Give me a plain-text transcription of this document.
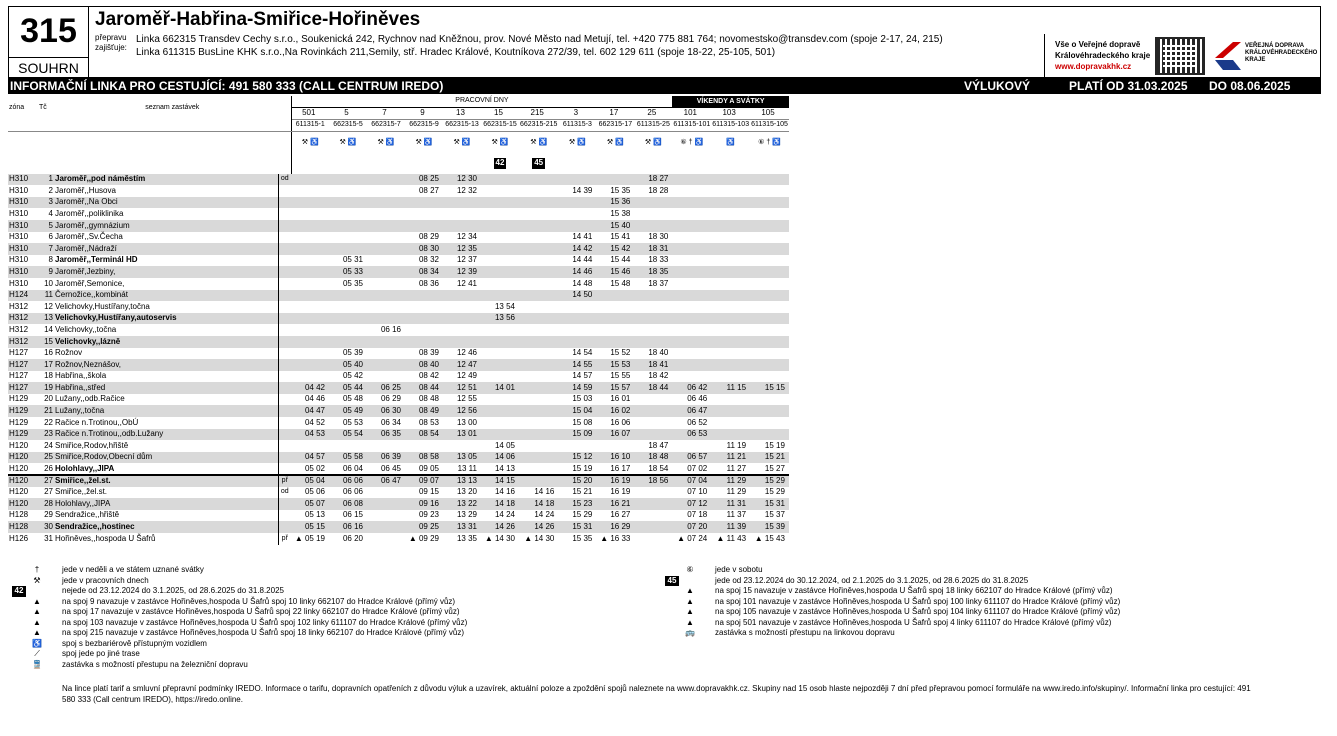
315
SOUHRN
Jaroměř-Habřina-Smiřice-Hořiněves
přepravu zajišťuje:
Linka 662315 Transdev Cechy s.r.o., Soukenická 242, Rychnov nad Kněžnou, prov. Nové Město nad Metují, tel. +420 775 881 764; novomestsko@transdev.com (spoje 2-17, 24, 215)
Linka 611315 BusLine KHK s.r.o.,Na Rovinkách 211,Semily, stř. Hradec Králové, Koutníkova 272/39, tel. 602 129 611 (spoje 18-22, 25-105, 501)
Vše o Veřejné dopravě
Královéhradeckého kraje
www.dopravakhk.cz
VEŘEJNÁ DOPRAVA
KRÁLOVÉHRADECKÉHO
KRAJE
INFORMAČNÍ LINKA PRO CESTUJÍCÍ: 491 580 333 (CALL CENTRUM IREDO)	VÝLUKOVÝ	PLATÍ OD 31.03.2025 DO 08.06.2025
zóna	Tč	seznam zastávek		PRACOVNÍ DNY										VÍKENDY A SVÁTKY		
				501	5	7	9	13	15	215	3	17	25	101	103	105
				611315-1	662315-5	662315-7	662315-9	662315-13	662315-15	662315-215	611315-3	662315-17	611315-25	611315-101	611315-103	611315-105
				⚒ ♿	⚒ ♿	⚒ ♿	⚒ ♿	⚒ ♿	⚒ ♿	⚒ ♿	⚒ ♿	⚒ ♿	⚒ ♿	⑥ † ♿	♿	⑥ † ♿
									42	45						
H310	1	Jaroměř,,pod náměstím	od				08 25	12 30					18 27			
H310	2	Jaroměř,,Husova					08 27	12 32			14 39	15 35	18 28			
H310	3	Jaroměř,,Na Obci										15 36				
H310	4	Jaroměř,,poliklinika										15 38				
H310	5	Jaroměř,,gymnázium										15 40				
H310	6	Jaroměř,,Sv.Čecha					08 29	12 34			14 41	15 41	18 30			
H310	7	Jaroměř,,Nádraží					08 30	12 35			14 42	15 42	18 31			
H310	8	Jaroměř,,Terminál HD			05 31		08 32	12 37			14 44	15 44	18 33			
H310	9	Jaroměř,Jezbiny,			05 33		08 34	12 39			14 46	15 46	18 35			
H310	10	Jaroměř,Semonice,			05 35		08 36	12 41			14 48	15 48	18 37			
H124	11	Černožice,,kombinát									14 50					
H312	12	Velichovky,Hustířany,točna							13 54							
H312	13	Velichovky,Hustířany,autoservis							13 56							
H312	14	Velichovky,,točna				06 16										
H312	15	Velichovky,,lázně														
H127	16	Rožnov			05 39		08 39	12 46			14 54	15 52	18 40			
H127	17	Rožnov,Neznášov,			05 40		08 40	12 47			14 55	15 53	18 41			
H127	18	Habřina,,škola			05 42		08 42	12 49			14 57	15 55	18 42			
H127	19	Habřina,,střed		04 42	05 44	06 25	08 44	12 51	14 01		14 59	15 57	18 44	06 42	11 15	15 15
H129	20	Lužany,,odb.Račice		04 46	05 48	06 29	08 48	12 55			15 03	16 01		06 46		
H129	21	Lužany,,točna		04 47	05 49	06 30	08 49	12 56			15 04	16 02		06 47		
H129	22	Račice n.Trotinou,,ObÚ		04 52	05 53	06 34	08 53	13 00			15 08	16 06		06 52		
H129	23	Račice n.Trotinou,,odb.Lužany		04 53	05 54	06 35	08 54	13 01			15 09	16 07		06 53		
H120	24	Smiřice,Rodov,hřiště							14 05				18 47		11 19	15 19
H120	25	Smiřice,Rodov,Obecní dům		04 57	05 58	06 39	08 58	13 05	14 06		15 12	16 10	18 48	06 57	11 21	15 21
H120	26	Holohlavy,,JIPA		05 02	06 04	06 45	09 05	13 11	14 13		15 19	16 17	18 54	07 02	11 27	15 27
H120	27	Smiřice,,žel.st.	př	05 04	06 06	06 47	09 07	13 13	14 15		15 20	16 19	18 56	07 04	11 29	15 29
H120	27	Smiřice,,žel.st.	od	05 06	06 06		09 15	13 20	14 16	14 16	15 21	16 19		07 10	11 29	15 29
H120	28	Holohlavy,,JIPA		05 07	06 08		09 16	13 22	14 18	14 18	15 23	16 21		07 12	11 31	15 31
H128	29	Sendražice,,hřiště		05 13	06 15		09 23	13 29	14 24	14 24	15 29	16 27		07 18	11 37	15 37
H128	30	Sendražice,,hostinec		05 15	06 16		09 25	13 31	14 26	14 26	15 31	16 29		07 20	11 39	15 39
H126	31	Hořiněves,,hospoda U Šafrů	př	▲ 05 19	06 20		▲ 09 29	13 35	▲ 14 30	▲ 14 30	15 35	▲ 16 33		▲ 07 24	▲ 11 43	▲ 15 43
†	jede v neděli a ve státem uznané svátky
⚒	jede v pracovních dnech
42	nejede od 23.12.2024 do 3.1.2025, od 28.6.2025 do 31.8.2025
▲	na spoj 9 navazuje v zastávce Hořiněves,hospoda U Šafrů spoj 10 linky 662107 do Hradce Králové (přímý vůz)
▲	na spoj 17 navazuje v zastávce Hořiněves,hospoda U Šafrů spoj 22 linky 662107 do Hradce Králové (přímý vůz)
▲	na spoj 103 navazuje v zastávce Hořiněves,hospoda U Šafrů spoj 102 linky 611107 do Hradce Králové (přímý vůz)
▲	na spoj 215 navazuje v zastávce Hořiněves,hospoda U Šafrů spoj 18 linky 662107 do Hradce Králové (přímý vůz)
♿	spoj s bezbariérově přístupným vozidlem
⟋	spoj jede po jiné trase
🚆	zastávka s možností přestupu na železniční dopravu
⑥	jede v sobotu
45	jede od 23.12.2024 do 30.12.2024, od 2.1.2025 do 3.1.2025, od 28.6.2025 do 31.8.2025
▲	na spoj 15 navazuje v zastávce Hořiněves,hospoda U Šafrů spoj 18 linky 662107 do Hradce Králové (přímý vůz)
▲	na spoj 101 navazuje v zastávce Hořiněves,hospoda U Šafrů spoj 100 linky 611107 do Hradce Králové (přímý vůz)
▲	na spoj 105 navazuje v zastávce Hořiněves,hospoda U Šafrů spoj 104 linky 611107 do Hradce Králové (přímý vůz)
▲	na spoj 501 navazuje v zastávce Hořiněves,hospoda U Šafrů spoj 4 linky 611107 do Hradce Králové (přímý vůz)
🚌	zastávka s možností přestupu na linkovou dopravu
Na lince platí tarif a smluvní přepravní podmínky IREDO. Informace o tarifu, dopravních opatřeních z důvodu výluk a uzavírek, aktuální poloze a zpoždění spojů naleznete na www.dopravakhk.cz. Skupiny nad 15 osob hlaste nejpozději 7 dní před přepravou pomocí formuláře na www.iredo.info/skupiny/. Informační linka pro cestující: 491 580 333 (Call centrum IREDO), https://iredo.online.
